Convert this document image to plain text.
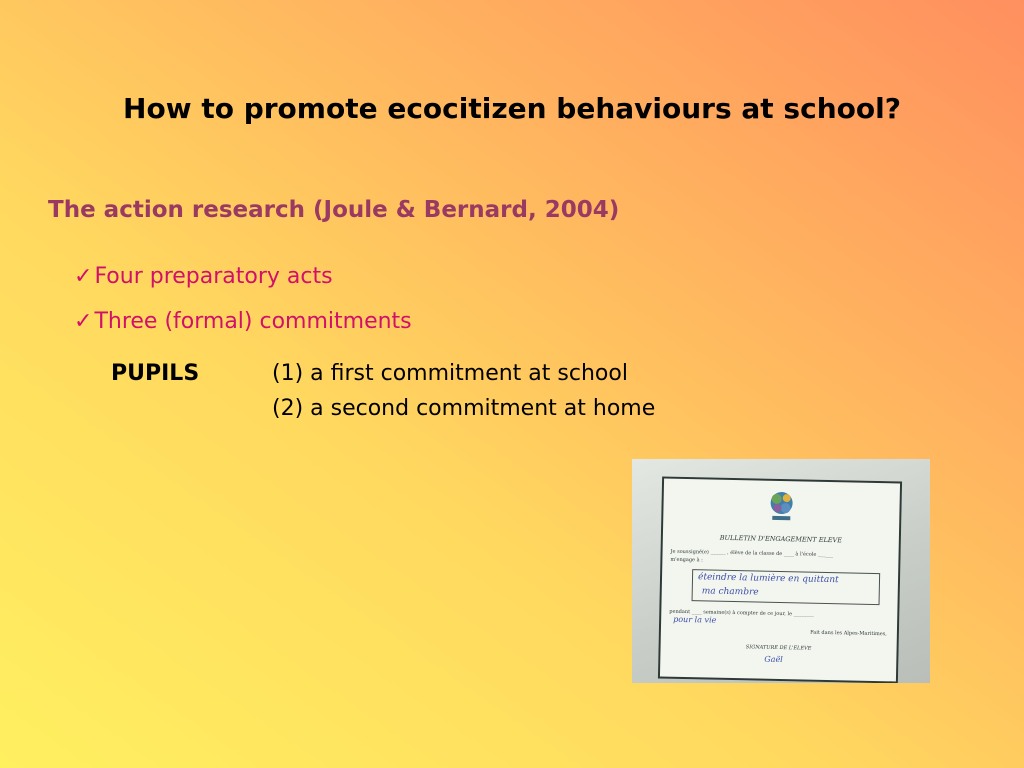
How to promote ecocitizen behaviours at school?
The action research (Joule & Bernard, 2004)
✓Four preparatory acts
✓Three (formal) commitments
PUPILS	(1) a first commitment at school
(2) a second commitment at home
BULLETIN D'ENGAGEMENT ELEVE
Je soussigné(e) ______ , élève de la classe de ____ à l'école ______
m'engage à :
éteindre la lumière en quittant
ma chambre
pendant ____ semaine(s) à compter de ce jour, le ________
pour la vie
Fait dans les Alpes-Maritimes,
SIGNATURE DE L'ELEVE
Gaël
